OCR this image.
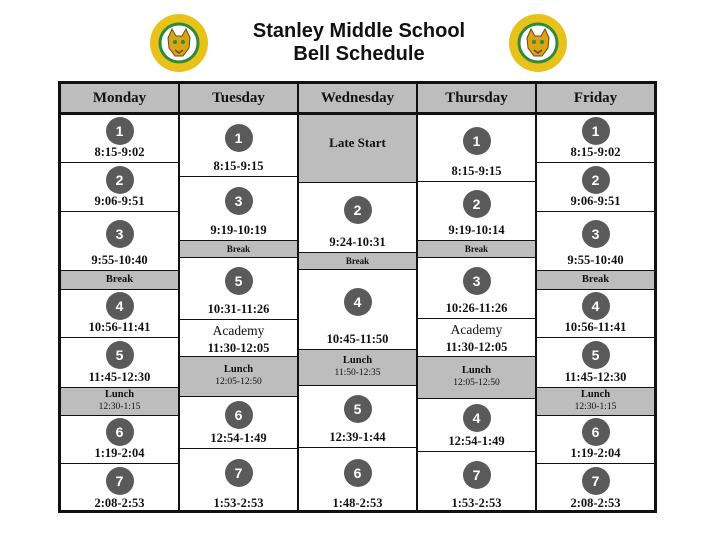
Stanley Middle School
Bell Schedule
Monday
1
8:15-9:02
2
9:06-9:51
3
9:55-10:40
Break
4
10:56-11:41
5
11:45-12:30
Lunch
12:30-1:15
6
1:19-2:04
7
2:08-2:53
Tuesday
1
8:15-9:15
3
9:19-10:19
Break
5
10:31-11:26
Academy
11:30-12:05
Lunch
12:05-12:50
6
12:54-1:49
7
1:53-2:53
Wednesday
Late Start
2
9:24-10:31
Break
4
10:45-11:50
Lunch
11:50-12:35
5
12:39-1:44
6
1:48-2:53
Thursday
1
8:15-9:15
2
9:19-10:14
Break
3
10:26-11:26
Academy
11:30-12:05
Lunch
12:05-12:50
4
12:54-1:49
7
1:53-2:53
Friday
1
8:15-9:02
2
9:06-9:51
3
9:55-10:40
Break
4
10:56-11:41
5
11:45-12:30
Lunch
12:30-1:15
6
1:19-2:04
7
2:08-2:53
